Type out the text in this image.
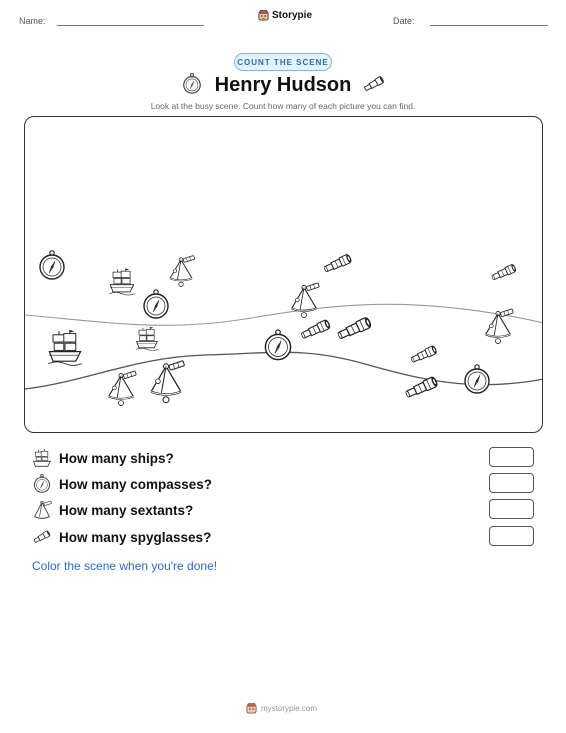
Name:	Storypie	Date:
COUNT THE SCENE
Henry Hudson
Look at the busy scene. Count how many of each picture you can find.
How many ships?
How many compasses?
How many sextants?
How many spyglasses?
Color the scene when you're done!
mystorypie.com
